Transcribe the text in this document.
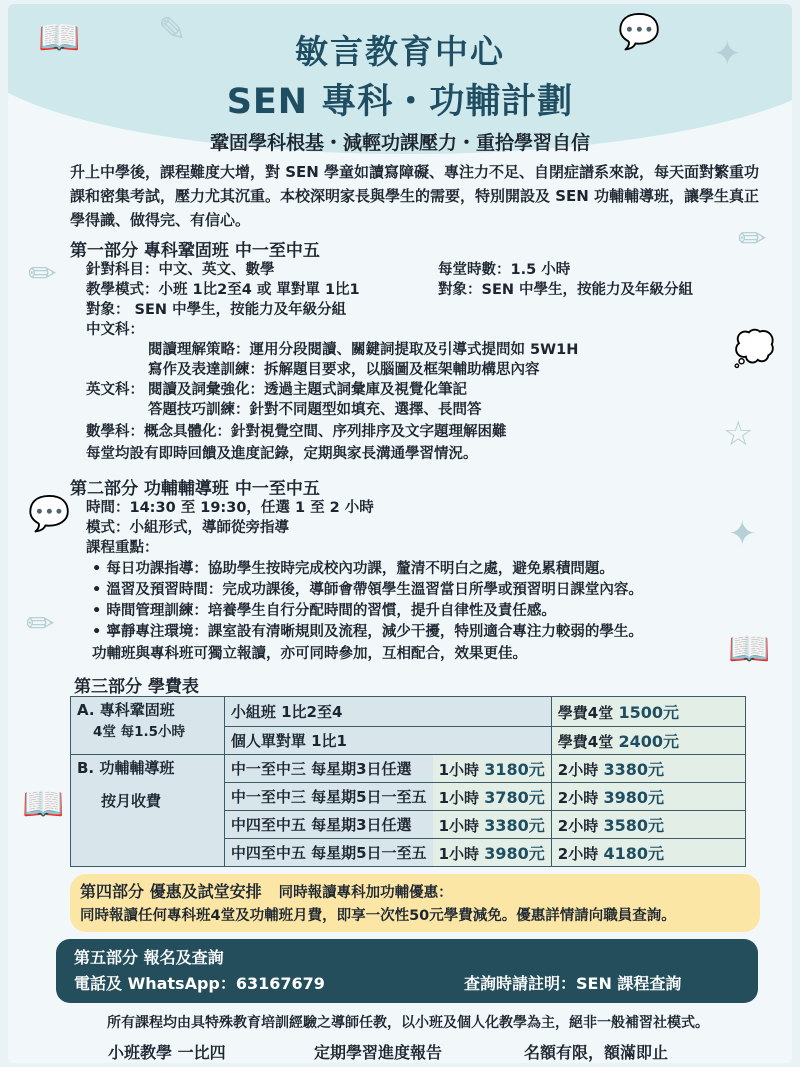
📖 ✎	💬
✦
✏
✏
💭
☆
💬	✦
✏
📖
📖
敏言教育中心
SEN 專科・功輔計劃
鞏固學科根基・減輕功課壓力・重拾學習自信
升上中學後，課程難度大增，對 SEN 學童如讀寫障礙、專注力不足、自閉症譜系來說，每天面對繁重功課和密集考試，壓力尤其沉重。本校深明家長與學生的需要，特別開設及 SEN 功輔輔導班，讓學生真正學得識、做得完、有信心。
第一部分 專科鞏固班 中一至中五
針對科目：中文、英文、數學	每堂時數：1.5 小時
教學模式：小班 1比2至4 或 單對單 1比1	對象：SEN 中學生，按能力及年級分組
對象： SEN 中學生，按能力及年級分組
中文科：
閱讀理解策略：運用分段閱讀、關鍵詞提取及引導式提問如 5W1H
寫作及表達訓練：拆解題目要求，以腦圖及框架輔助構思內容
英文科： 閱讀及詞彙強化：透過主題式詞彙庫及視覺化筆記
答題技巧訓練：針對不同題型如填充、選擇、長問答
數學科：概念具體化：針對視覺空間、序列排序及文字題理解困難
每堂均設有即時回饋及進度記錄，定期與家長溝通學習情況。
第二部分 功輔輔導班 中一至中五
時間：14:30 至 19:30，任選 1 至 2 小時
模式：小組形式，導師從旁指導
課程重點：
• 每日功課指導：協助學生按時完成校內功課，釐清不明白之處，避免累積問題。
• 溫習及預習時間：完成功課後，導師會帶領學生溫習當日所學或預習明日課堂內容。
• 時間管理訓練：培養學生自行分配時間的習慣，提升自律性及責任感。
• 寧靜專注環境：課室設有清晰規則及流程，減少干擾，特別適合專注力較弱的學生。
功輔班與專科班可獨立報讀，亦可同時參加，互相配合，效果更佳。
第三部分 學費表
A. 專科鞏固班
4堂 每1.5小時	小組班 1比2至4		學費4堂 1500元
	個人單對單 1比1		學費4堂 2400元

B. 功輔輔導班
按月收費	中一至中三 每星期3日任選	1小時 3180元	2小時 3380元
	中一至中三 每星期5日一至五	1小時 3780元	2小時 3980元
	中四至中五 每星期3日任選	1小時 3380元	2小時 3580元
	中四至中五 每星期5日一至五	1小時 3980元	2小時 4180元
第四部分 優惠及試堂安排 同時報讀專科加功輔優惠：
同時報讀任何專科班4堂及功輔班月費，即享一次性50元學費減免。優惠詳情請向職員查詢。
第五部分 報名及查詢
電話及 WhatsApp：63167679	查詢時請註明：SEN 課程查詢
所有課程均由具特殊教育培訓經驗之導師任教，以小班及個人化教學為主，絕非一般補習社模式。
小班教學 一比四	定期學習進度報告	名額有限，額滿即止
